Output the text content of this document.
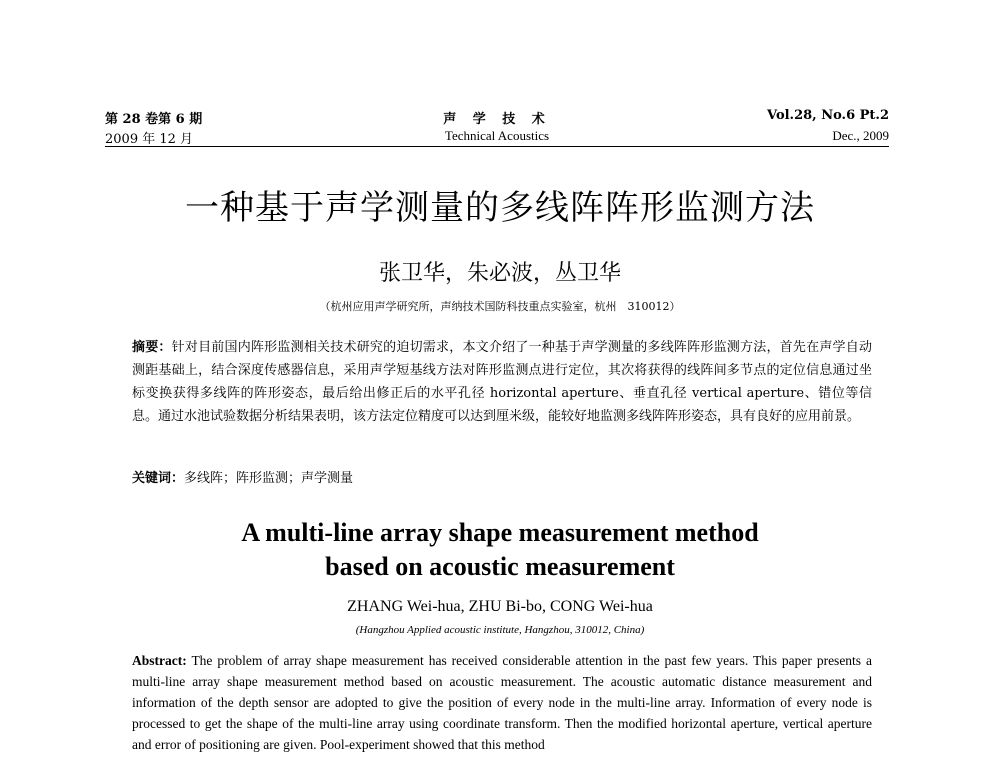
第 28 卷第 6 期	声 学 技 术	Vol.28, No.6 Pt.2
2009 年 12 月	Technical Acoustics	Dec., 2009
一种基于声学测量的多线阵阵形监测方法
张卫华，朱必波，丛卫华
（杭州应用声学研究所，声纳技术国防科技重点实验室，杭州　310012）
摘要：针对目前国内阵形监测相关技术研究的迫切需求，本文介绍了一种基于声学测量的多线阵阵形监测方法，首先在声学自动测距基础上，结合深度传感器信息，采用声学短基线方法对阵形监测点进行定位，其次将获得的线阵间多节点的定位信息通过坐标变换获得多线阵的阵形姿态，最后给出修正后的水平孔径 horizontal aperture、垂直孔径 vertical aperture、错位等信息。通过水池试验数据分析结果表明，该方法定位精度可以达到厘米级，能较好地监测多线阵阵形姿态，具有良好的应用前景。
关键词：多线阵；阵形监测；声学测量
A multi-line array shape measurement method
based on acoustic measurement
ZHANG Wei-hua, ZHU Bi-bo, CONG Wei-hua
(Hangzhou Applied acoustic institute, Hangzhou, 310012, China)
Abstract: The problem of array shape measurement has received considerable attention in the past few years. This paper presents a multi-line array shape measurement method based on acoustic measurement. The acoustic automatic distance measurement and information of the depth sensor are adopted to give the position of every node in the multi-line array. Information of every node is processed to get the shape of the multi-line array using coordinate transform. Then the modified horizontal aperture, vertical aperture and error of positioning are given. Pool-experiment showed that this method
